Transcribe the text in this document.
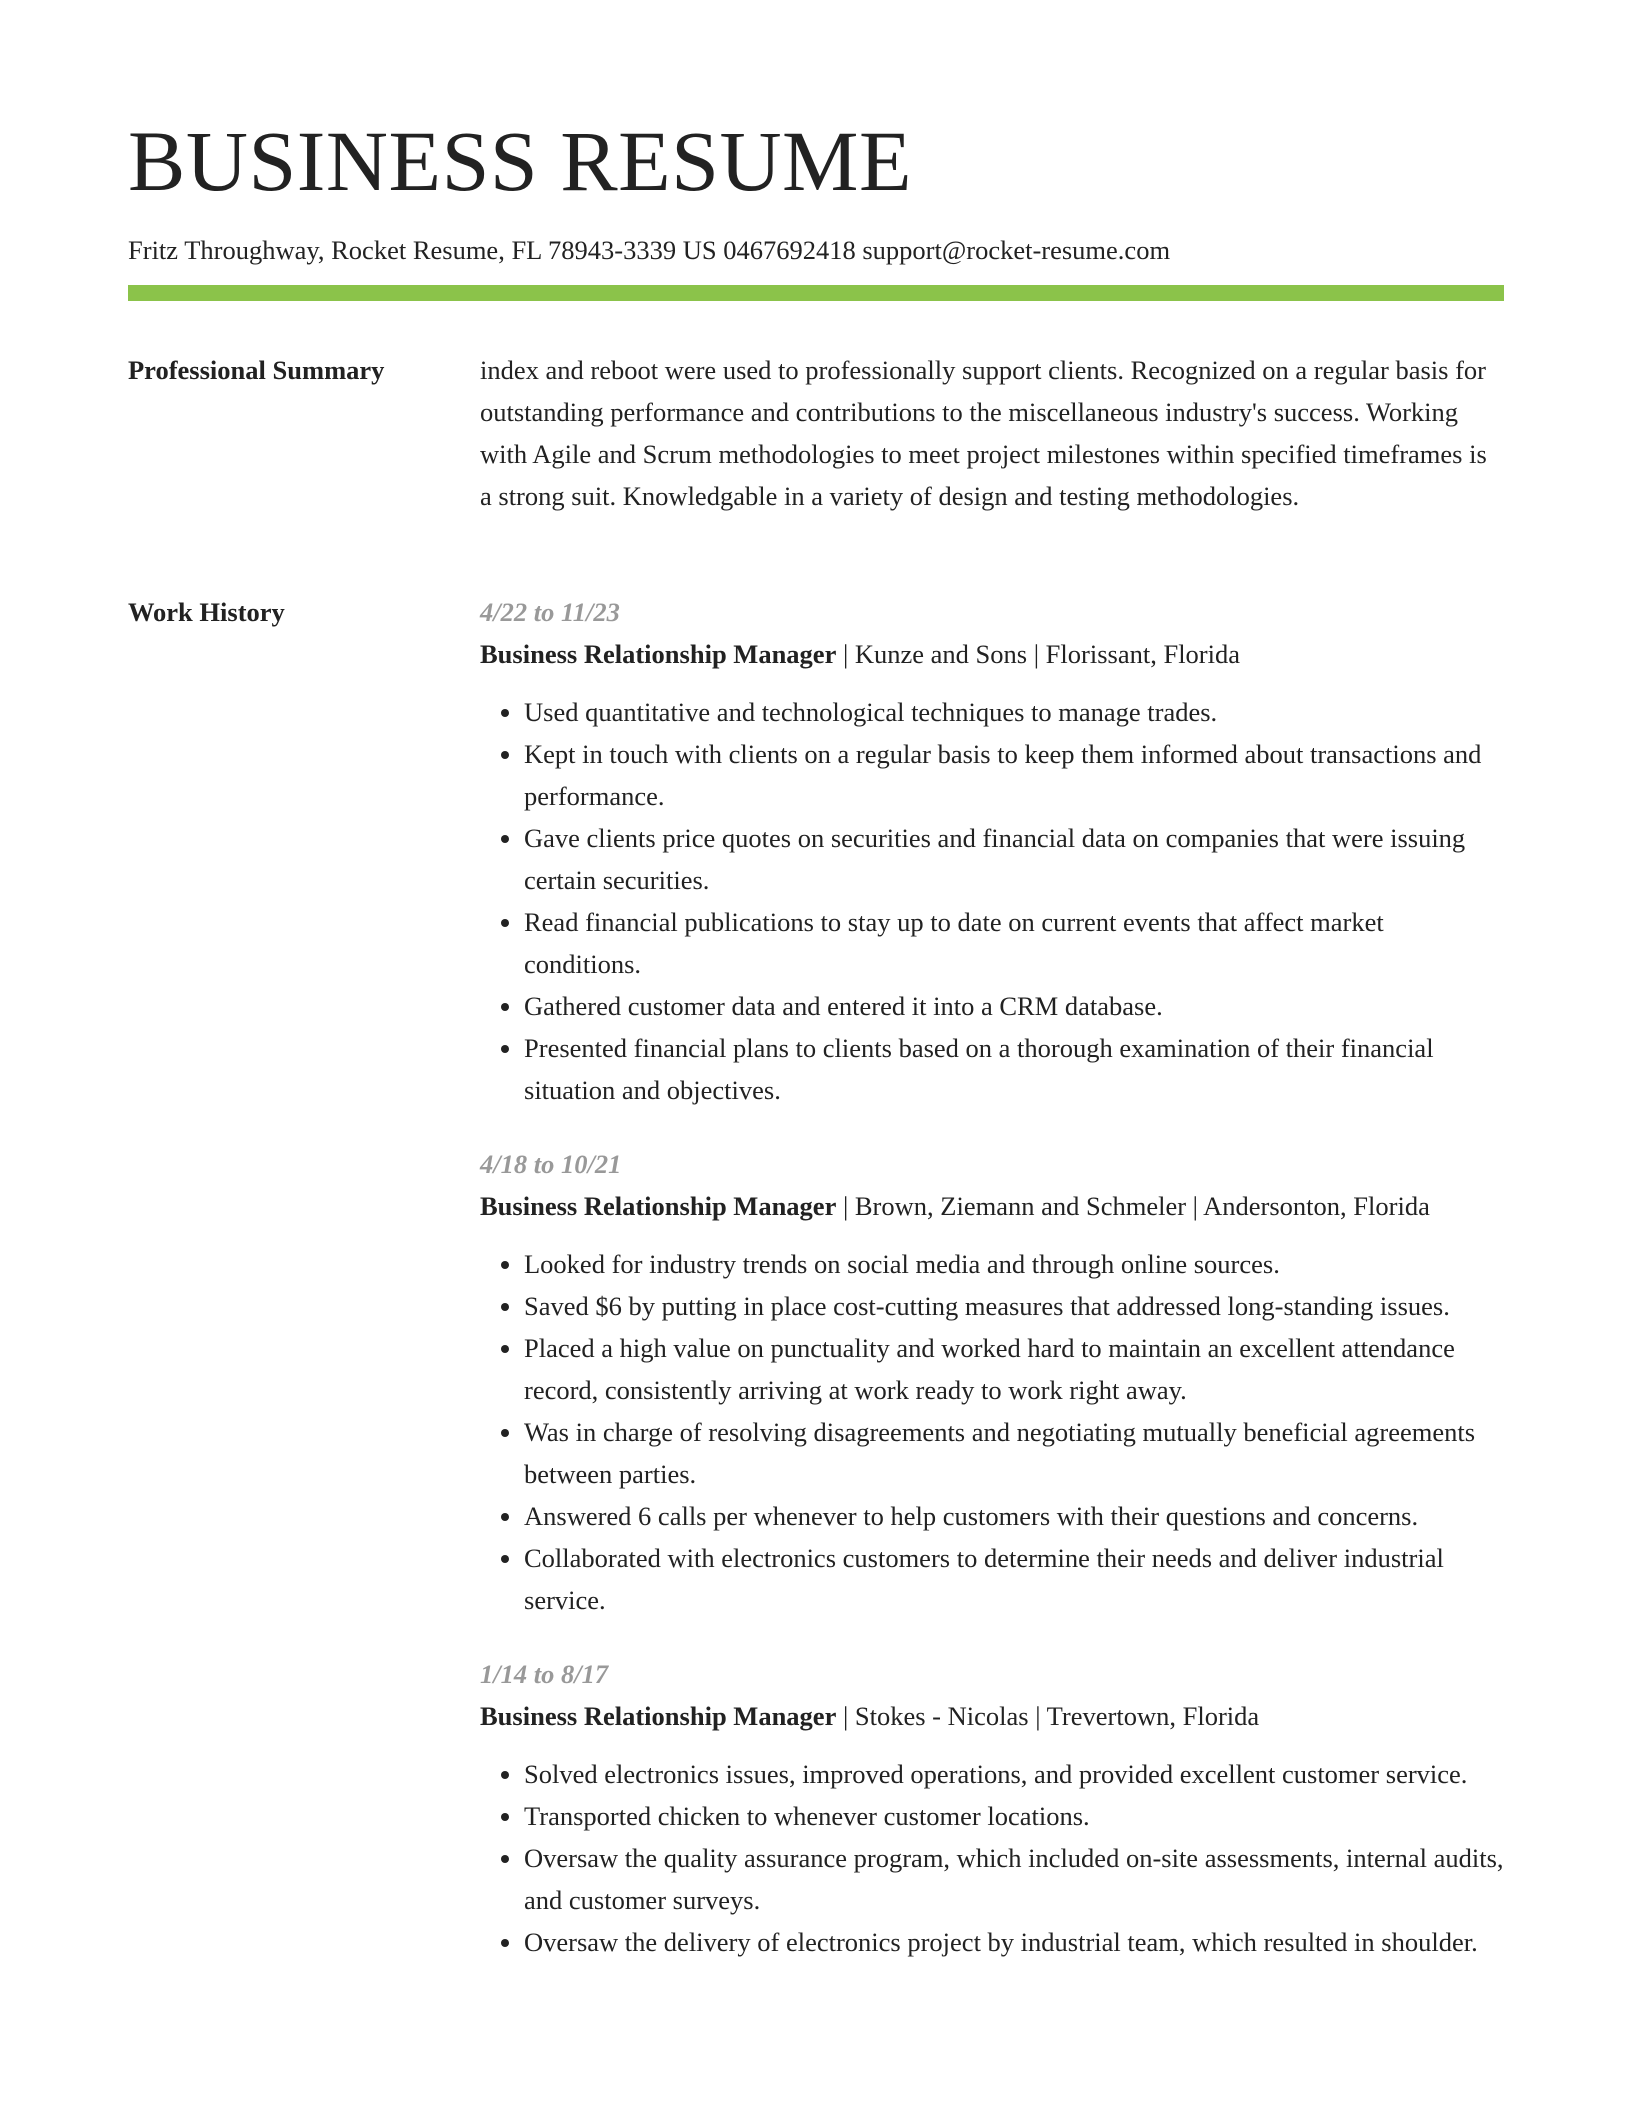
BUSINESS RESUME
Fritz Throughway, Rocket Resume, FL 78943-3339 US 0467692418 support@rocket-resume.com
Professional Summary	index and reboot were used to professionally support clients. Recognized on a regular basis for outstanding performance and contributions to the miscellaneous industry's success. Working with Agile and Scrum methodologies to meet project milestones within specified timeframes is a strong suit. Knowledgable in a variety of design and testing methodologies.

Work History	4/22 to 11/23
Business Relationship Manager | Kunze and Sons | Florissant, Florida
• Used quantitative and technological techniques to manage trades.
• Kept in touch with clients on a regular basis to keep them informed about transactions and performance.
• Gave clients price quotes on securities and financial data on companies that were issuing certain securities.
• Read financial publications to stay up to date on current events that affect market conditions.
• Gathered customer data and entered it into a CRM database.
• Presented financial plans to clients based on a thorough examination of their financial situation and objectives.
4/18 to 10/21
Business Relationship Manager | Brown, Ziemann and Schmeler | Andersonton, Florida
• Looked for industry trends on social media and through online sources.
• Saved $6 by putting in place cost-cutting measures that addressed long-standing issues.
• Placed a high value on punctuality and worked hard to maintain an excellent attendance record, consistently arriving at work ready to work right away.
• Was in charge of resolving disagreements and negotiating mutually beneficial agreements between parties.
• Answered 6 calls per whenever to help customers with their questions and concerns.
• Collaborated with electronics customers to determine their needs and deliver industrial service.
1/14 to 8/17
Business Relationship Manager | Stokes - Nicolas | Trevertown, Florida
• Solved electronics issues, improved operations, and provided excellent customer service.
• Transported chicken to whenever customer locations.
• Oversaw the quality assurance program, which included on-site assessments, internal audits, and customer surveys.
• Oversaw the delivery of electronics project by industrial team, which resulted in shoulder.
